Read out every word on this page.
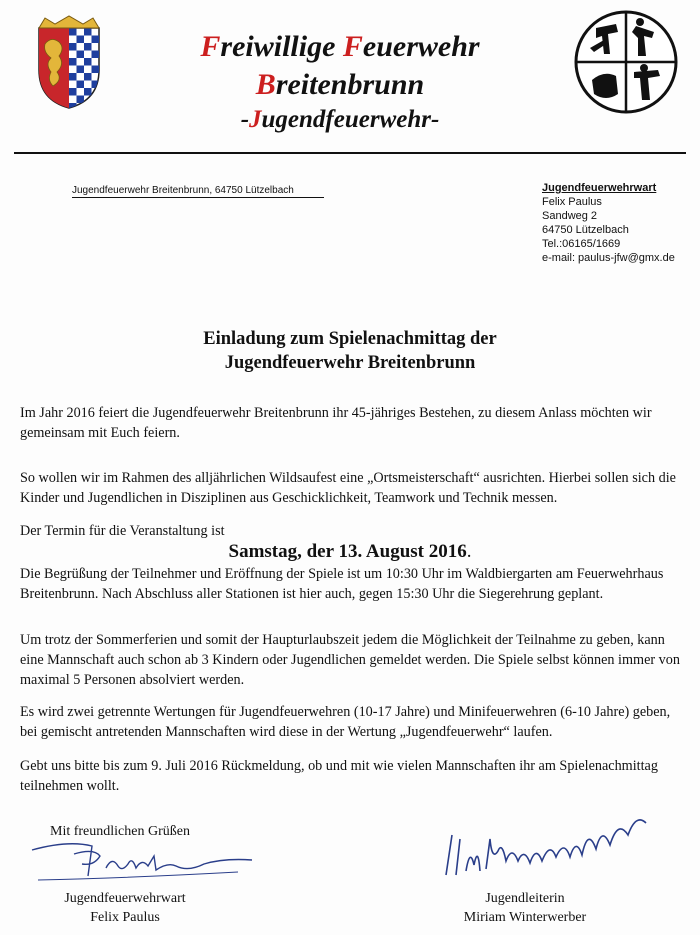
Freiwillige Feuerwehr
Breitenbrunn
-Jugendfeuerwehr-
Jugendfeuerwehr Breitenbrunn, 64750 Lützelbach	Jugendfeuerwehrwart
Felix Paulus
Sandweg 2
64750 Lützelbach
Tel.:06165/1669
e-mail: paulus-jfw@gmx.de
Einladung zum Spielenachmittag der
Jugendfeuerwehr Breitenbrunn
Im Jahr 2016 feiert die Jugendfeuerwehr Breitenbrunn ihr 45-jähriges Bestehen, zu diesem Anlass möchten wir gemeinsam mit Euch feiern.
So wollen wir im Rahmen des alljährlichen Wildsaufest eine „Ortsmeisterschaft“ ausrichten. Hierbei sollen sich die Kinder und Jugendlichen in Disziplinen aus Geschicklichkeit, Teamwork und Technik messen.
Der Termin für die Veranstaltung ist
Samstag, der 13. August 2016.
Die Begrüßung der Teilnehmer und Eröffnung der Spiele ist um 10:30 Uhr im Waldbiergarten am Feuerwehrhaus Breitenbrunn. Nach Abschluss aller Stationen ist hier auch, gegen 15:30 Uhr die Siegerehrung geplant.
Um trotz der Sommerferien und somit der Haupturlaubszeit jedem die Möglichkeit der Teilnahme zu geben, kann eine Mannschaft auch schon ab 3 Kindern oder Jugendlichen gemeldet werden. Die Spiele selbst können immer von maximal 5 Personen absolviert werden.
Es wird zwei getrennte Wertungen für Jugendfeuerwehren (10-17 Jahre) und Minifeuerwehren (6-10 Jahre) geben, bei gemischt antretenden Mannschaften wird diese in der Wertung „Jugendfeuerwehr“ laufen.
Gebt uns bitte bis zum 9. Juli 2016 Rückmeldung, ob und mit wie vielen Mannschaften ihr am Spielenachmittag teilnehmen wollt.
Mit freundlichen Grüßen
Jugendfeuerwehrwart
Felix Paulus
Jugendleiterin
Miriam Winterwerber
